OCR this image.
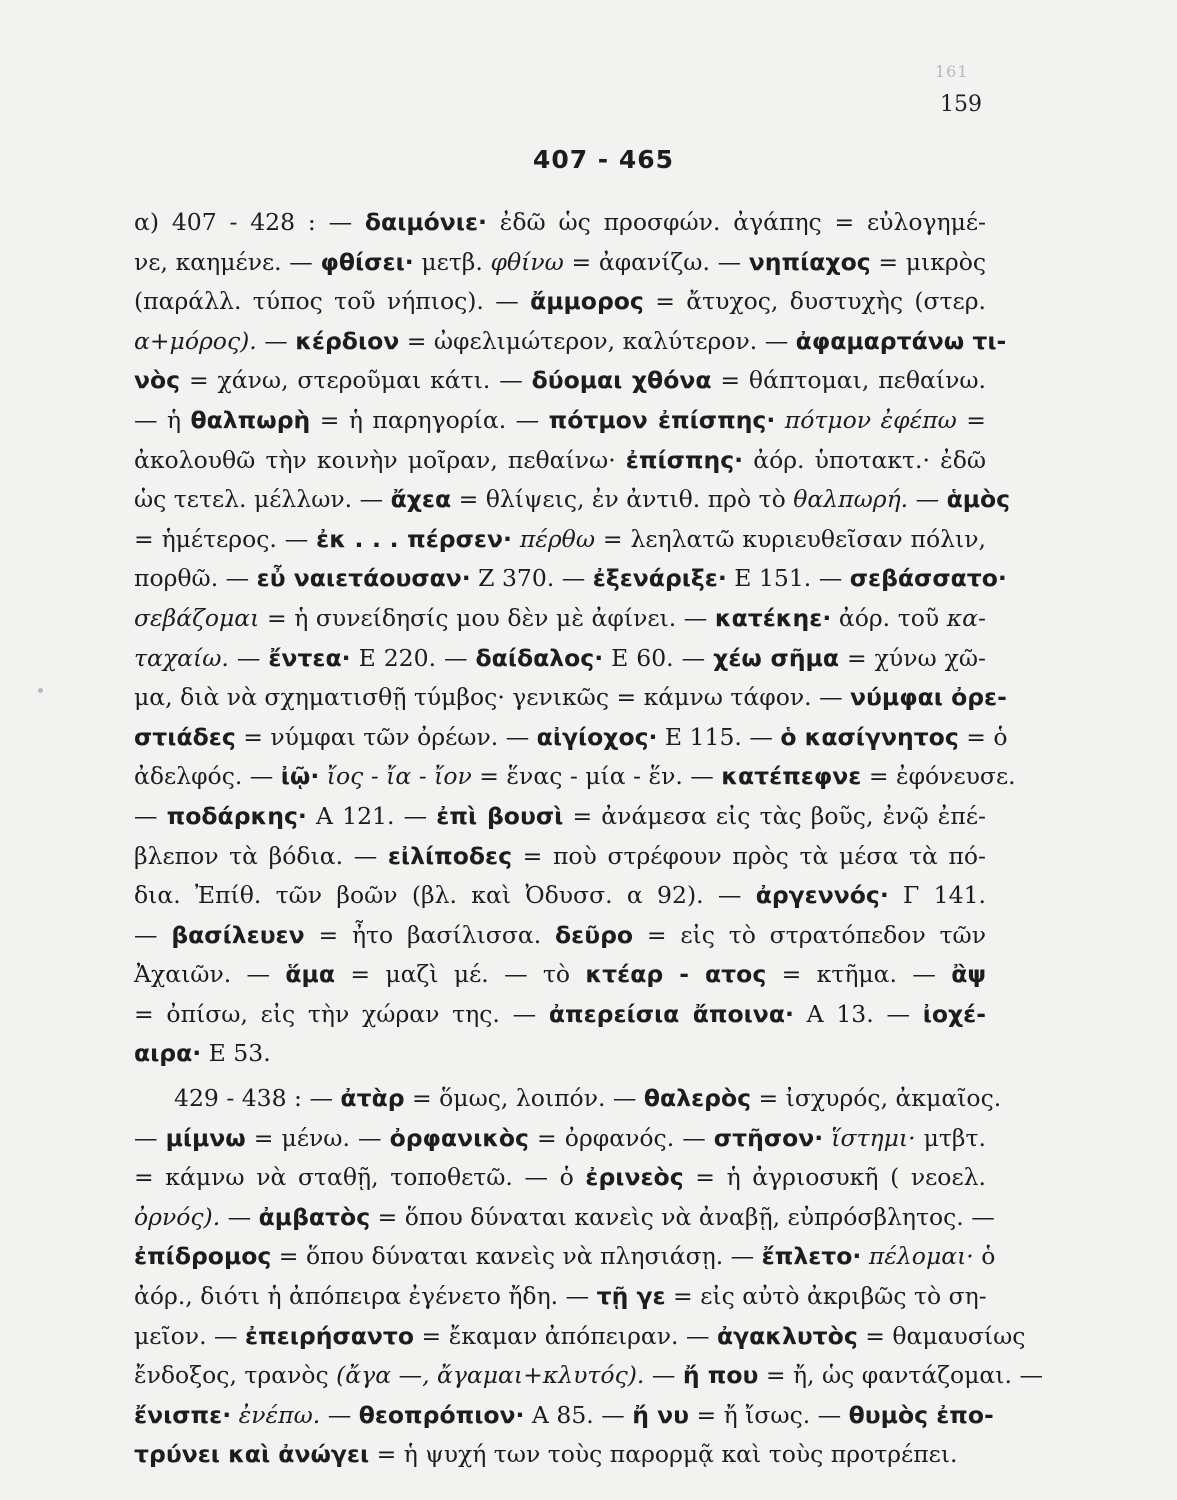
161
159
407 - 465
α) 407 - 428 : — δαιμόνιε· ἐδῶ ὡς προσφών. ἀγάπης = εὐλογημέ-
νε, καημένε. — φθίσει· μετβ. φθίνω = ἀφανίζω. — νηπίαχος = μικρὸς
(παράλλ. τύπος τοῦ νήπιος). — ἄμμορος = ἄτυχος, δυστυχὴς (στερ.
α+μόρος). — κέρδιον = ὠφελιμώτερον, καλύτερον. — ἀφαμαρτάνω τι-
νὸς = χάνω, στεροῦμαι κάτι. — δύομαι χθόνα = θάπτομαι, πεθαίνω.
— ἡ θαλπωρὴ = ἡ παρηγορία. — πότμον ἐπίσπης· πότμον ἐφέπω =
ἀκολουθῶ τὴν κοινὴν μοῖραν, πεθαίνω· ἐπίσπης· ἀόρ. ὑποτακτ.· ἐδῶ
ὡς τετελ. μέλλων. — ἄχεα = θλίψεις, ἐν ἀντιθ. πρὸ τὸ θαλπωρή. — ἁμὸς
= ἡμέτερος. — ἐκ . . . πέρσεν· πέρθω = λεηλατῶ κυριευθεῖσαν πόλιν,
πορθῶ. — εὖ ναιετάουσαν· Ζ 370. — ἐξενάριξε· Ε 151. — σεβάσσατο·
σεβάζομαι = ἡ συνείδησίς μου δὲν μὲ ἀφίνει. — κατέκηε· ἀόρ. τοῦ κα-
ταχαίω. — ἔντεα· Ε 220. — δαίδαλος· Ε 60. — χέω σῆμα = χύνω χῶ-
μα, διὰ νὰ σχηματισθῇ τύμβος· γενικῶς = κάμνω τάφον. — νύμφαι ὀρε-
στιάδες = νύμφαι τῶν ὀρέων. — αἰγίοχος· Ε 115. — ὁ κασίγνητος = ὁ
ἀδελφός. — ἰῷ· ἴος - ἴα - ἴον = ἕνας - μία - ἕν. — κατέπεφνε = ἐφόνευσε.
— ποδάρκης· Α 121. — ἐπὶ βουσὶ = ἀνάμεσα εἰς τὰς βοῦς, ἐνῷ ἐπέ-
βλεπον τὰ βόδια. — εἰλίποδες = ποὺ στρέφουν πρὸς τὰ μέσα τὰ πό-
δια. Ἐπίθ. τῶν βοῶν (βλ. καὶ Ὀδυσσ. α 92). — ἀργεννός· Γ 141.
— βασίλευεν = ἦτο βασίλισσα. δεῦρο = εἰς τὸ στρατόπεδον τῶν
Ἀχαιῶν. — ἅμα = μαζὶ μέ. — τὸ κτέαρ - ατος = κτῆμα. — ἂψ
= ὀπίσω, εἰς τὴν χώραν της. — ἀπερείσια ἄποινα· Α 13. — ἰοχέ-
αιρα· Ε 53.
429 - 438 : — ἀτὰρ = ὅμως, λοιπόν. — θαλερὸς = ἰσχυρός, ἀκμαῖος.
— μίμνω = μένω. — ὀρφανικὸς = ὀρφανός. — στῆσον· ἵστημι· μτβτ.
= κάμνω νὰ σταθῇ, τοποθετῶ. — ὁ ἐρινεὸς = ἡ ἀγριοσυκῆ ( νεοελ.
ὀρνός). — ἀμβατὸς = ὅπου δύναται κανεὶς νὰ ἀναβῇ, εὐπρόσβλητος. —
ἐπίδρομος = ὅπου δύναται κανεὶς νὰ πλησιάσῃ. — ἔπλετο· πέλομαι· ὁ
ἀόρ., διότι ἡ ἀπόπειρα ἐγένετο ἤδη. — τῇ γε = εἰς αὐτὸ ἀκριβῶς τὸ ση-
μεῖον. — ἐπειρήσαντο = ἔκαμαν ἀπόπειραν. — ἀγακλυτὸς = θαμαυσίως
ἔνδοξος, τρανὸς (ἄγα —, ἄγαμαι+κλυτός). — ἤ που = ἤ, ὡς φαντάζομαι. —
ἔνισπε· ἐνέπω. — θεοπρόπιον· Α 85. — ἤ νυ = ἤ ἴσως. — θυμὸς ἐπο-
τρύνει καὶ ἀνώγει = ἡ ψυχή των τοὺς παρορμᾷ καὶ τοὺς προτρέπει.
